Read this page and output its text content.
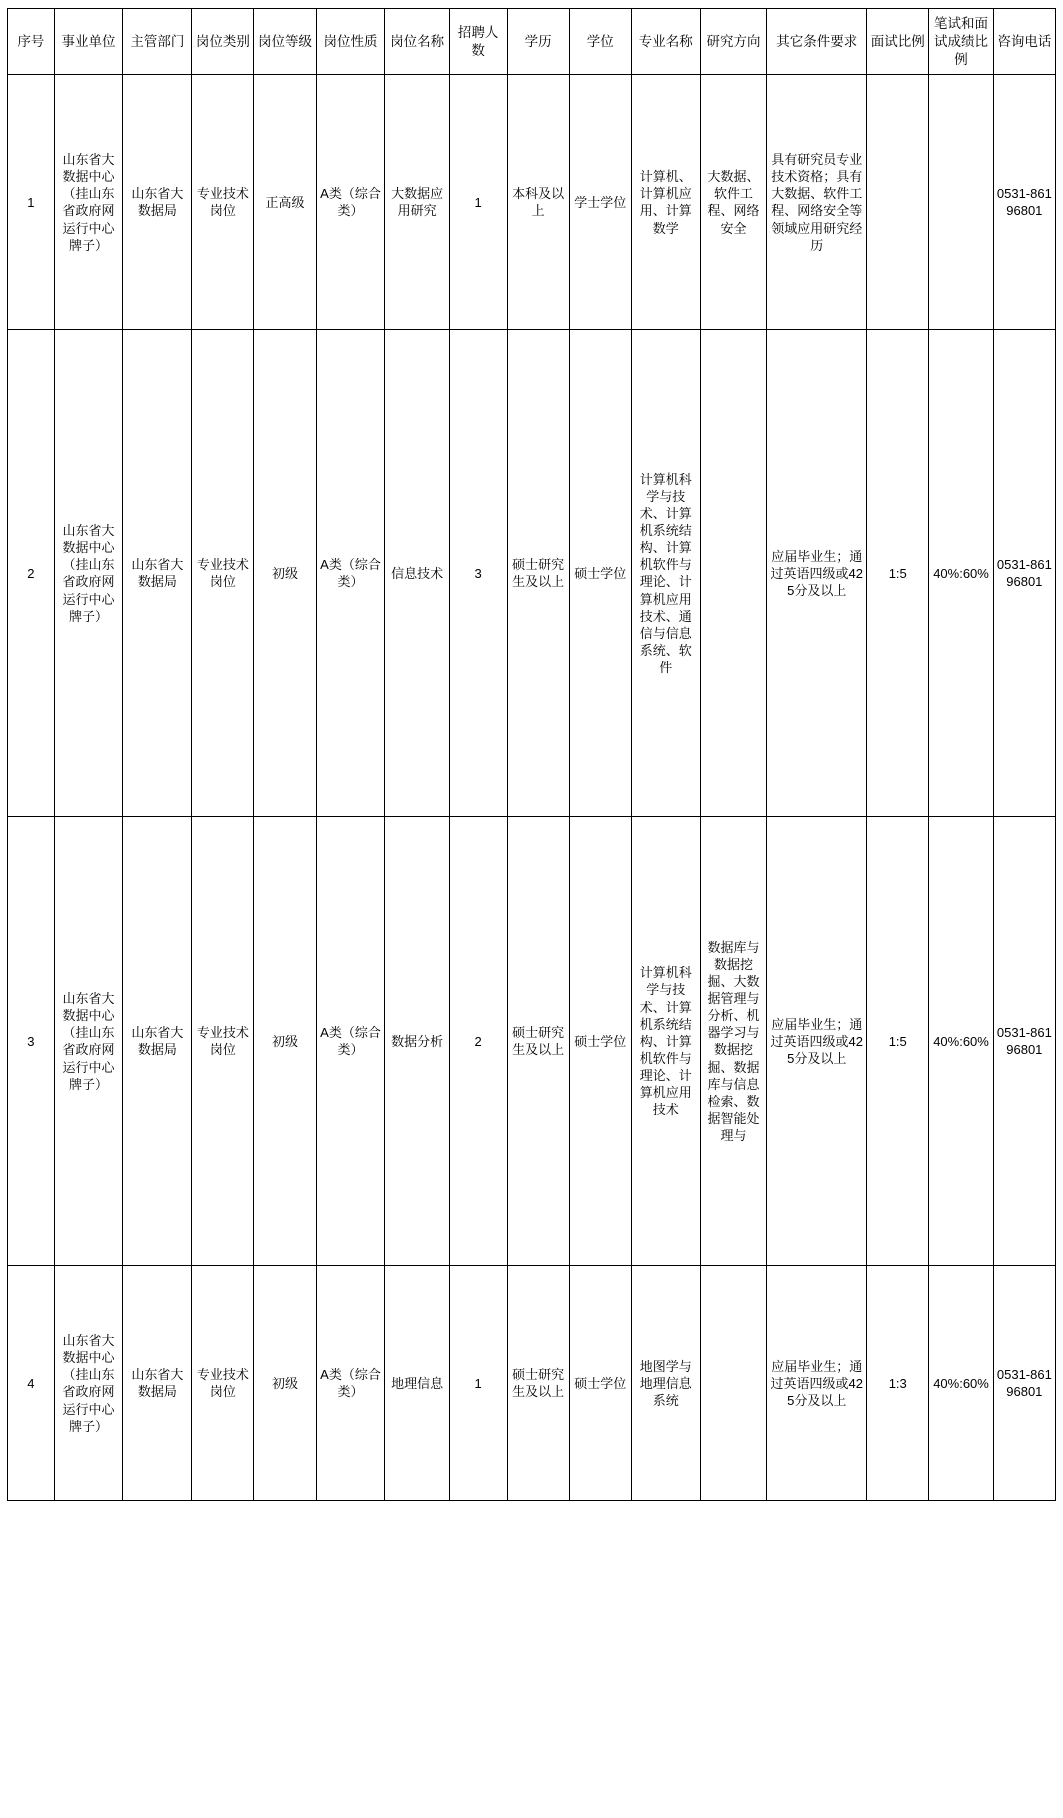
序号	事业单位	主管部门	岗位类别	岗位等级	岗位性质	岗位名称	招聘人数	学历	学位	专业名称	研究方向	其它条件要求	面试比例	笔试和面试成绩比例	咨询电话
1	山东省大数据中心（挂山东省政府网运行中心牌子）	山东省大数据局	专业技术岗位	正高级	A类（综合类）	大数据应用研究	1	本科及以上	学士学位	计算机、计算机应用、计算数学	大数据、软件工程、网络安全	具有研究员专业技术资格；具有大数据、软件工程、网络安全等领域应用研究经历			0531-86196801
2	山东省大数据中心（挂山东省政府网运行中心牌子）	山东省大数据局	专业技术岗位	初级	A类（综合类）	信息技术	3	硕士研究生及以上	硕士学位	计算机科学与技术、计算机系统结构、计算机软件与理论、计算机应用技术、通信与信息系统、软件		应届毕业生；通过英语四级或425分及以上	1:5	40%:60%	0531-86196801
3	山东省大数据中心（挂山东省政府网运行中心牌子）	山东省大数据局	专业技术岗位	初级	A类（综合类）	数据分析	2	硕士研究生及以上	硕士学位	计算机科学与技术、计算机系统结构、计算机软件与理论、计算机应用技术	数据库与数据挖掘、大数据管理与分析、机器学习与数据挖掘、数据库与信息检索、数据智能处理与	应届毕业生；通过英语四级或425分及以上	1:5	40%:60%	0531-86196801
4	山东省大数据中心（挂山东省政府网运行中心牌子）	山东省大数据局	专业技术岗位	初级	A类（综合类）	地理信息	1	硕士研究生及以上	硕士学位	地图学与地理信息系统		应届毕业生；通过英语四级或425分及以上	1:3	40%:60%	0531-86196801
